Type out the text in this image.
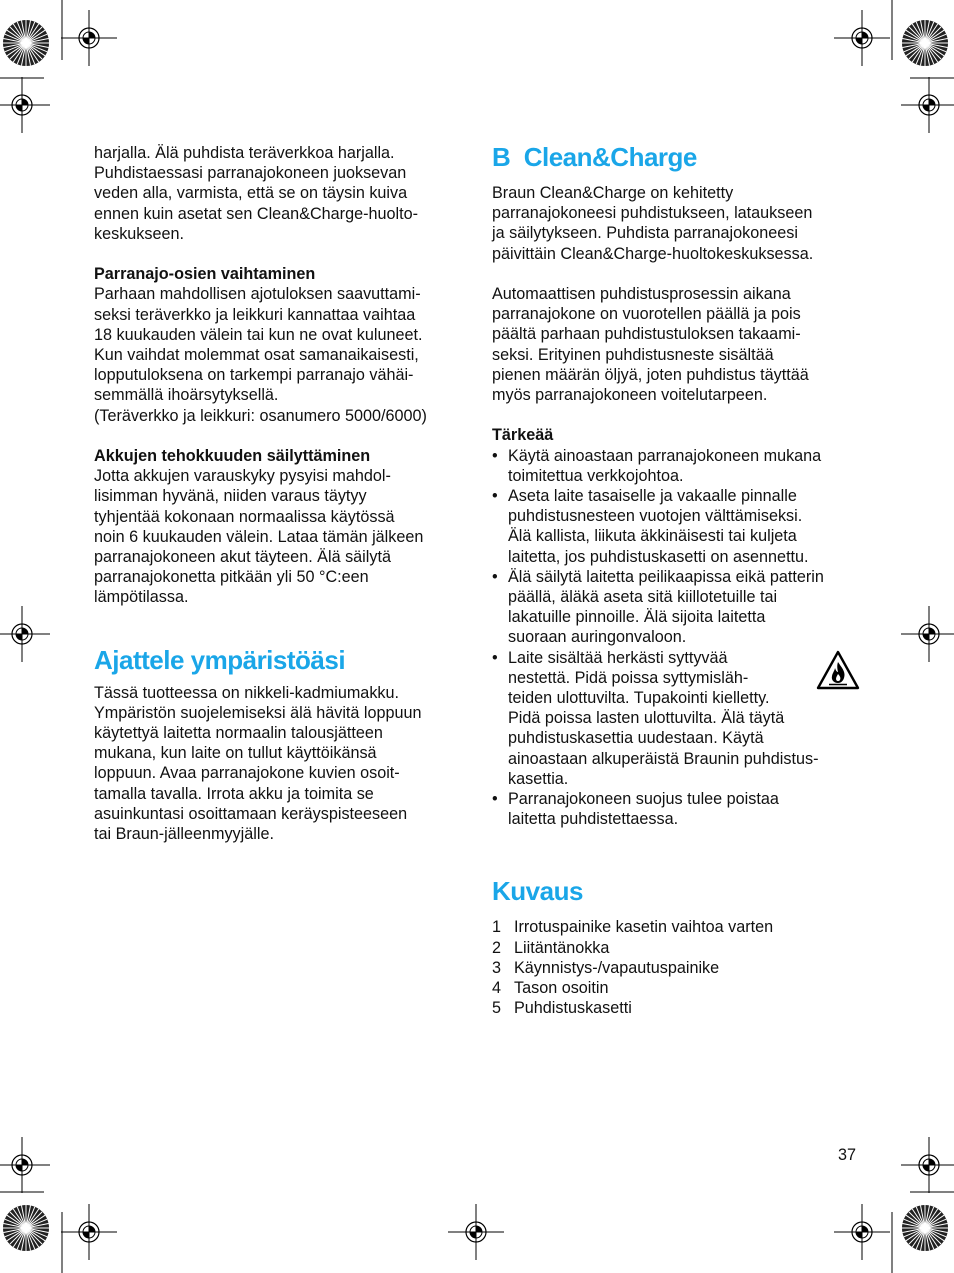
harjalla. Älä puhdista teräverkkoa harjalla.

Puhdistaessasi parranajokoneen juoksevan

veden alla, varmista, että se on täysin kuiva

ennen kuin asetat sen Clean&Charge-huolto-

keskukseen.

Parranajo-osien vaihtaminen

Parhaan mahdollisen ajotuloksen saavuttami-

seksi teräverkko ja leikkuri kannattaa vaihtaa

18 kuukauden välein tai kun ne ovat kuluneet.

Kun vaihdat molemmat osat samanaikaisesti,

lopputuloksena on tarkempi parranajo vähäi-

semmällä ihoärsytyksellä.

(Teräverkko ja leikkuri: osanumero 5000/6000)

Akkujen tehokkuuden säilyttäminen

Jotta akkujen varauskyky pysyisi mahdol-

lisimman hyvänä, niiden varaus täytyy

tyhjentää kokonaan normaalissa käytössä

noin 6 kuukauden välein. Lataa tämän jälkeen

parranajokoneen akut täyteen. Älä säilytä

parranajokonetta pitkään yli 50 °C:een

lämpötilassa.

Ajattele ympäristöäsi

Tässä tuotteessa on nikkeli-kadmiumakku.

Ympäristön suojelemiseksi älä hävitä loppuun

käytettyä laitetta normaalin talousjätteen

mukana, kun laite on tullut käyttöikänsä

loppuun. Avaa parranajokone kuvien osoit-

tamalla tavalla. Irrota akku ja toimita se

asuinkuntasi osoittamaan keräyspisteeseen

tai Braun-jälleenmyyjälle.

B  Clean&Charge

Braun Clean&Charge on kehitetty

parranajokoneesi puhdistukseen, lataukseen

ja säilytykseen. Puhdista parranajokoneesi

päivittäin Clean&Charge-huoltokeskuksessa.

Automaattisen puhdistusprosessin aikana

parranajokone on vuorotellen päällä ja pois

päältä parhaan puhdistustuloksen takaami-

seksi. Erityinen puhdistusneste sisältää

pienen määrän öljyä, joten puhdistus täyttää

myös parranajokoneen voitelutarpeen.

Tärkeää

• Käytä ainoastaan parranajokoneen mukana

toimitettua verkkojohtoa.

• Aseta laite tasaiselle ja vakaalle pinnalle

puhdistusnesteen vuotojen välttämiseksi.

Älä kallista, liikuta äkkinäisesti tai kuljeta

laitetta, jos puhdistuskasetti on asennettu.

• Älä säilytä laitetta peilikaapissa eikä patterin

päällä, äläkä aseta sitä kiillotetuille tai

lakatuille pinnoille. Älä sijoita laitetta

suoraan auringonvaloon.

• Laite sisältää herkästi syttyvää

nestettä. Pidä poissa syttymisläh-

teiden ulottuvilta. Tupakointi kielletty.

Pidä poissa lasten ulottuvilta. Älä täytä

puhdistuskasettia uudestaan. Käytä

ainoastaan alkuperäistä Braunin puhdistus-

kasettia.

• Parranajokoneen suojus tulee poistaa

laitetta puhdistettaessa.

Kuvaus
1 Irrotuspainike kasetin vaihtoa varten
2 Liitäntänokka
3 Käynnistys-/vapautuspainike
4 Tason osoitin
5 Puhdistuskasetti
37
